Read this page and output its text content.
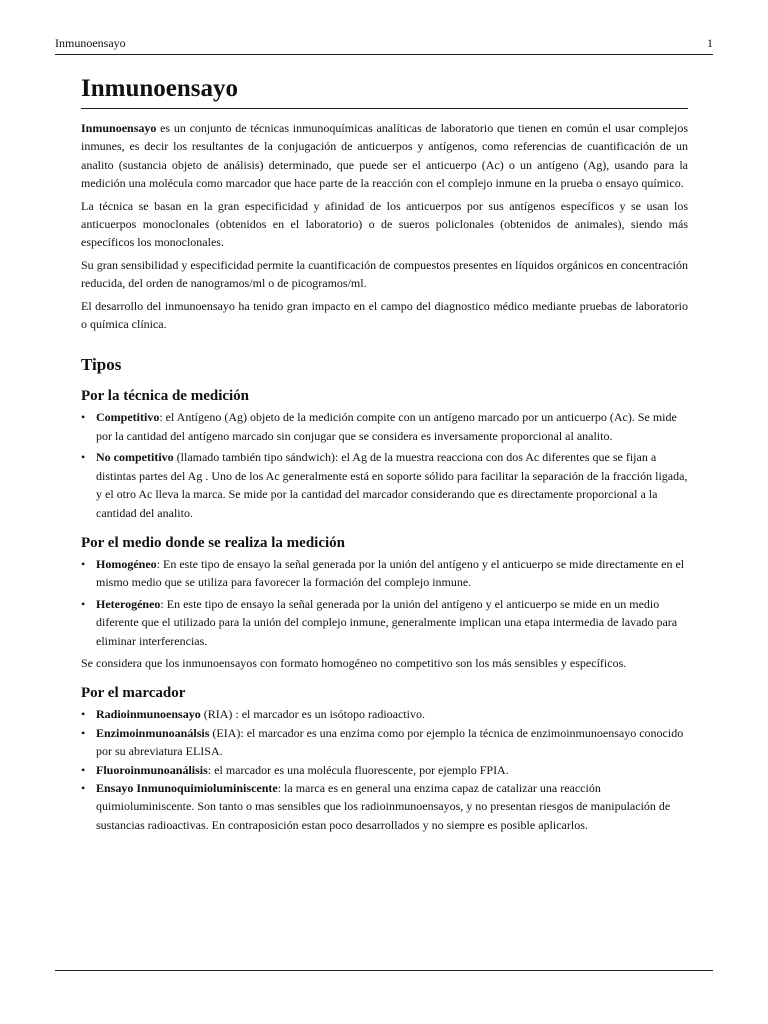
Inmunoensayo	1
Inmunoensayo

Inmunoensayo es un conjunto de técnicas inmunoquímicas analíticas de laboratorio que tienen en común el usar complejos inmunes, es decir los resultantes de la conjugación de anticuerpos y antígenos, como referencias de cuantificación de un analito (sustancia objeto de análisis) determinado, que puede ser el anticuerpo (Ac) o un antígeno (Ag), usando para la medición una molécula como marcador que hace parte de la reacción con el complejo inmune en la prueba o ensayo químico.

La técnica se basan en la gran especificidad y afinidad de los anticuerpos por sus antígenos específicos y se usan los anticuerpos monoclonales (obtenidos en el laboratorio) o de sueros policlonales (obtenidos de animales), siendo más específicos los monoclonales.

Su gran sensibilidad y especificidad permite la cuantificación de compuestos presentes en líquidos orgánicos en concentración reducida, del orden de nanogramos/ml o de picogramos/ml.

El desarrollo del inmunoensayo ha tenido gran impacto en el campo del diagnostico médico mediante pruebas de laboratorio o química clínica.

Tipos
Por la técnica de medición
• Competitivo: el Antígeno (Ag) objeto de la medición compite con un antígeno marcado por un anticuerpo (Ac). Se mide por la cantidad del antígeno marcado sin conjugar que se considera es inversamente proporcional al analito.
• No competitivo (llamado también tipo sándwich): el Ag de la muestra reacciona con dos Ac diferentes que se fijan a distintas partes del Ag . Uno de los Ac generalmente está en soporte sólido para facilitar la separación de la fracción ligada, y el otro Ac lleva la marca. Se mide por la cantidad del marcador considerando que es directamente proporcional a la cantidad del analito.
Por el medio donde se realiza la medición
• Homogéneo: En este tipo de ensayo la señal generada por la unión del antígeno y el anticuerpo se mide directamente en el mismo medio que se utiliza para favorecer la formación del complejo inmune.
• Heterogéneo: En este tipo de ensayo la señal generada por la unión del antígeno y el anticuerpo se mide en un medio diferente que el utilizado para la unión del complejo inmune, generalmente implican una etapa intermedia de lavado para eliminar interferencias.

Se considera que los inmunoensayos con formato homogéneo no competitivo son los más sensibles y específicos.

Por el marcador
• Radioinmunoensayo (RIA) : el marcador es un isótopo radioactivo.
• Enzimoinmunoanálsis (EIA): el marcador es una enzima como por ejemplo la técnica de enzimoinmunoensayo conocido por su abreviatura ELISA.
• Fluoroinmunoanálisis: el marcador es una molécula fluorescente, por ejemplo FPIA.
• Ensayo Inmunoquimioluminiscente: la marca es en general una enzima capaz de catalizar una reacción quimioluminiscente. Son tanto o mas sensibles que los radioinmunoensayos, y no presentan riesgos de manipulación de sustancias radioactivas. En contraposición estan poco desarrollados y no siempre es posible aplicarlos.
